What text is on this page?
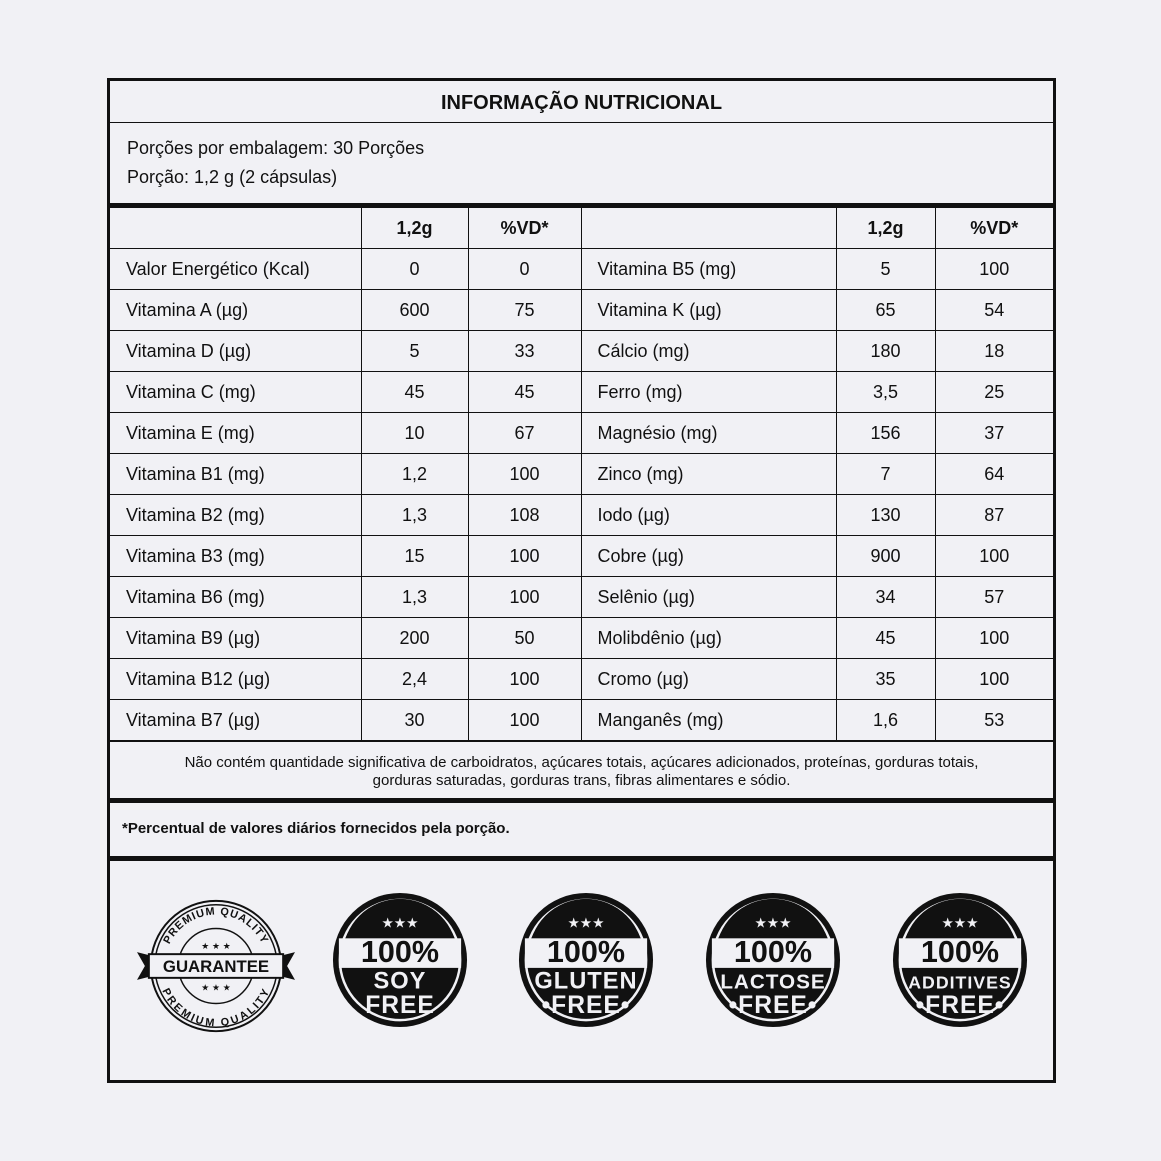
INFORMAÇÃO NUTRICIONAL
Porções por embalagem: 30 Porções
Porção: 1,2 g (2 cápsulas)
	1,2g	%VD*		1,2g	%VD*
Valor Energético (Kcal)	0	0	Vitamina B5 (mg)	5	100
Vitamina A (µg)	600	75	Vitamina K (µg)	65	54
Vitamina D (µg)	5	33	Cálcio (mg)	180	18
Vitamina C (mg)	45	45	Ferro (mg)	3,5	25
Vitamina E (mg)	10	67	Magnésio (mg)	156	37
Vitamina B1 (mg)	1,2	100	Zinco (mg)	7	64
Vitamina B2 (mg)	1,3	108	Iodo (µg)	130	87
Vitamina B3 (mg)	15	100	Cobre (µg)	900	100
Vitamina B6 (mg)	1,3	100	Selênio (µg)	34	57
Vitamina B9 (µg)	200	50	Molibdênio (µg)	45	100
Vitamina B12 (µg)	2,4	100	Cromo (µg)	35	100
Vitamina B7 (µg)	30	100	Manganês (mg)	1,6	53
Não contém quantidade significativa de carboidratos, açúcares totais, açúcares adicionados, proteínas, gorduras totais,
gorduras saturadas, gorduras trans, fibras alimentares e sódio.
*Percentual de valores diários fornecidos pela porção.
PREMIUM QUALITY
PREMIUM QUALITY
★ ★ ★
★ ★ ★
GUARANTEE
★★★
100%
SOY
FREE
★★★
100%
GLUTEN
•FREE•
★★★
100%
LACTOSE
•FREE•
★★★
100%
ADDITIVES
•FREE•
